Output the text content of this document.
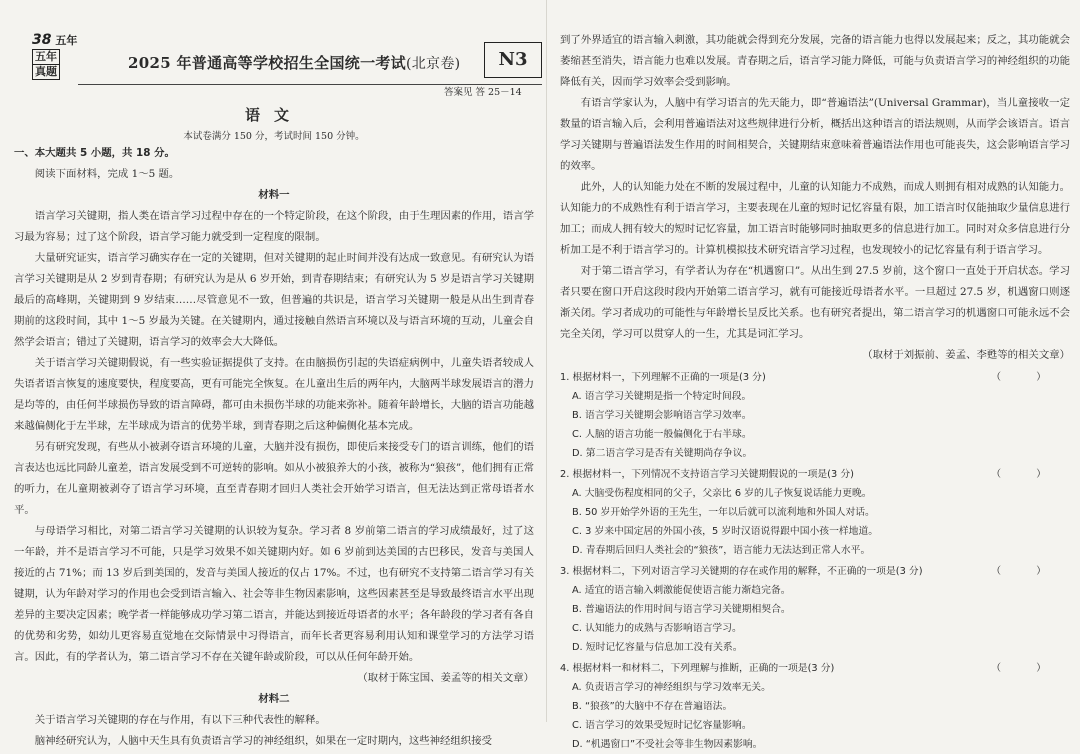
38 五年
五年
真题	2025 年普通高等学校招生全国统一考试(北京卷)	N3
答案见 答 25－14
语文
本试卷满分 150 分，考试时间 150 分钟。

一、本大题共 5 小题，共 18 分。

阅读下面材料，完成 1～5 题。

材料一

语言学习关键期，指人类在语言学习过程中存在的一个特定阶段，在这个阶段，由于生理因素的作用，语言学习最为容易；过了这个阶段，语言学习能力就受到一定程度的限制。

大量研究证实，语言学习确实存在一定的关键期，但对关键期的起止时间并没有达成一致意见。有研究认为语言学习关键期是从 2 岁到青春期；有研究认为是从 6 岁开始，到青春期结束；有研究认为 5 岁是语言学习关键期最后的高峰期，关键期到 9 岁结束……尽管意见不一致，但普遍的共识是，语言学习关键期一般是从出生到青春期前的这段时间，其中 1～5 岁最为关键。在关键期内，通过接触自然语言环境以及与语言环境的互动，儿童会自然学会语言；错过了关键期，语言学习的效率会大大降低。

关于语言学习关键期假说，有一些实验证据提供了支持。在由脑损伤引起的失语症病例中，儿童失语者较成人失语者语言恢复的速度要快，程度要高，更有可能完全恢复。在儿童出生后的两年内，大脑两半球发展语言的潜力是均等的，由任何半球损伤导致的语言障碍，都可由未损伤半球的功能来弥补。随着年龄增长，大脑的语言功能越来越偏侧化于左半球，左半球成为语言的优势半球，到青春期之后这种偏侧化基本完成。

另有研究发现，有些从小被剥夺语言环境的儿童，大脑并没有损伤，即使后来接受专门的语言训练，他们的语言表达也远比同龄儿童差，语言发展受到不可逆转的影响。如从小被狼养大的小孩，被称为“狼孩”，他们拥有正常的听力，在儿童期被剥夺了语言学习环境，直至青春期才回归人类社会开始学习语言，但无法达到正常母语者水平。

与母语学习相比，对第二语言学习关键期的认识较为复杂。学习者 8 岁前第二语言的学习成绩最好，过了这一年龄，并不是语言学习不可能，只是学习效果不如关键期内好。如 6 岁前到达美国的古巴移民，发音与美国人接近的占 71%；而 13 岁后到美国的，发音与美国人接近的仅占 17%。不过，也有研究不支持第二语言学习有关键期，认为年龄对学习的作用也会受到语言输入、社会等非生物因素影响，这些因素甚至是导致最终语言水平出现差异的主要决定因素；晚学者一样能够成功学习第二语言，并能达到接近母语者的水平；各年龄段的学习者有各自的优势和劣势，如幼儿更容易直觉地在交际情景中习得语言，而年长者更容易利用认知和课堂学习的方法学习语言。因此，有的学者认为，第二语言学习不存在关键年龄或阶段，可以从任何年龄开始。

（取材于陈宝国、姜孟等的相关文章）

材料二

关于语言学习关键期的存在与作用，有以下三种代表性的解释。

脑神经研究认为，人脑中天生具有负责语言学习的神经组织，如果在一定时期内，这些神经组织接受

到了外界适宜的语言输入刺激，其功能就会得到充分发展，完备的语言能力也得以发展起来；反之，其功能就会萎缩甚至消失，语言能力也难以发展。青春期之后，语言学习能力降低，可能与负责语言学习的神经组织的功能降低有关，因而学习效率会受到影响。

有语言学家认为，人脑中有学习语言的先天能力，即“普遍语法”(Universal Grammar)，当儿童接收一定数量的语言输入后，会利用普遍语法对这些规律进行分析，概括出这种语言的语法规则，从而学会该语言。语言学习关键期与普遍语法发生作用的时间相契合，关键期结束意味着普遍语法作用也可能丧失，这会影响语言学习的效率。

此外，人的认知能力处在不断的发展过程中，儿童的认知能力不成熟，而成人则拥有相对成熟的认知能力。认知能力的不成熟性有利于语言学习，主要表现在儿童的短时记忆容量有限，加工语言时仅能抽取少量信息进行加工；而成人拥有较大的短时记忆容量，加工语言时能够同时抽取更多的信息进行加工。同时对众多信息进行分析加工是不利于语言学习的。计算机模拟技术研究语言学习过程，也发现较小的记忆容量有利于语言学习。

对于第二语言学习，有学者认为存在“机遇窗口”。从出生到 27.5 岁前，这个窗口一直处于开启状态。学习者只要在窗口开启这段时段内开始第二语言学习，就有可能接近母语者水平。一旦超过 27.5 岁，机遇窗口则逐渐关闭。学习者成功的可能性与年龄增长呈反比关系。也有研究者提出，第二语言学习的机遇窗口可能永远不会完全关闭，学习可以贯穿人的一生，尤其是词汇学习。

（取材于刘振前、姜孟、李甦等的相关文章）

1. 根据材料一，下列理解不正确的一项是(3 分)	（ ）

A. 语言学习关键期是指一个特定时间段。

B. 语言学习关键期会影响语言学习效率。

C. 人脑的语言功能一般偏侧化于右半球。

D. 第二语言学习是否有关键期尚存争议。

2. 根据材料一，下列情况不支持语言学习关键期假说的一项是(3 分)	（ ）

A. 大脑受伤程度相同的父子，父亲比 6 岁的儿子恢复说话能力更晚。

B. 50 岁开始学外语的王先生，一年以后就可以流利地和外国人对话。

C. 3 岁来中国定居的外国小孩，5 岁时汉语说得跟中国小孩一样地道。

D. 青春期后回归人类社会的“狼孩”，语言能力无法达到正常人水平。

3. 根据材料二，下列对语言学习关键期的存在或作用的解释，不正确的一项是(3 分)	（ ）

A. 适宜的语言输入刺激能促使语言能力渐趋完备。

B. 普遍语法的作用时间与语言学习关键期相契合。

C. 认知能力的成熟与否影响语言学习。

D. 短时记忆容量与信息加工没有关系。

4. 根据材料一和材料二，下列理解与推断，正确的一项是(3 分)	（ ）

A. 负责语言学习的神经组织与学习效率无关。

B. “狼孩”的大脑中不存在普遍语法。

C. 语言学习的效果受短时记忆容量影响。

D. “机遇窗口”不受社会等非生物因素影响。
